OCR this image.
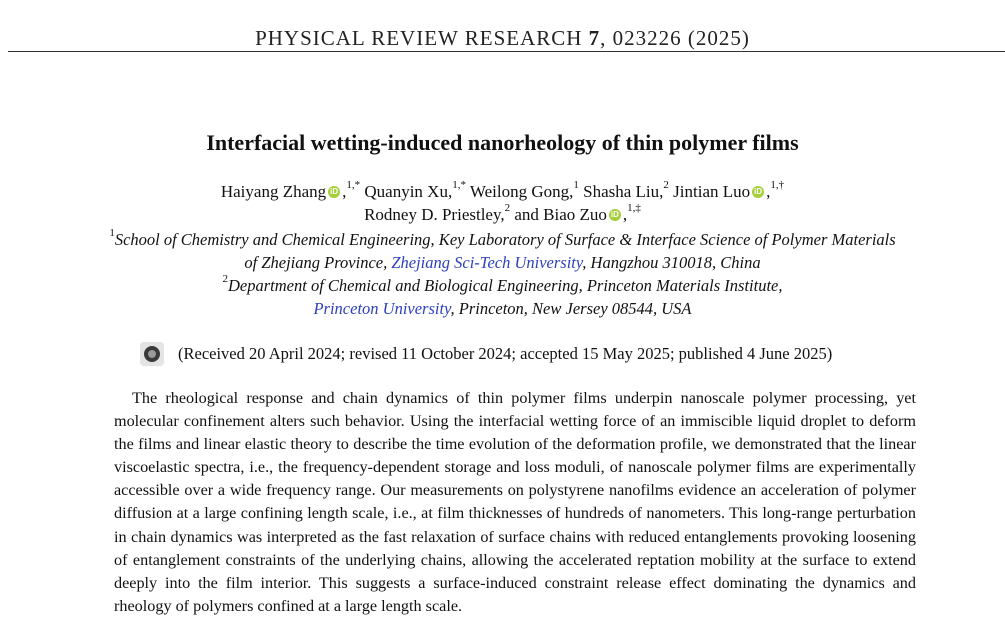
PHYSICAL REVIEW RESEARCH 7, 023226 (2025)
Interfacial wetting-induced nanorheology of thin polymer films
Haiyang Zhang iD ,$^{1,*}$ Quanyin Xu,$^{1,*}$ Weilong Gong,$^1$ Shasha Liu,$^2$ Jintian Luo iD ,$^{1,\dagger}$
Rodney D. Priestley,$^2$ and Biao Zuo iD ,$^{1,\ddagger}$
$^1$School of Chemistry and Chemical Engineering, Key Laboratory of Surface & Interface Science of Polymer Materials
of Zhejiang Province, Zhejiang Sci-Tech University, Hangzhou 310018, China
$^2$Department of Chemical and Biological Engineering, Princeton Materials Institute,
Princeton University, Princeton, New Jersey 08544, USA
(Received 20 April 2024; revised 11 October 2024; accepted 15 May 2025; published 4 June 2025)
The rheological response and chain dynamics of thin polymer films underpin nanoscale polymer processing, yet molecular confinement alters such behavior. Using the interfacial wetting force of an immiscible liquid droplet to deform the films and linear elastic theory to describe the time evolution of the deformation profile, we demonstrated that the linear viscoelastic spectra, i.e., the frequency-dependent storage and loss moduli, of nanoscale polymer films are experimentally accessible over a wide frequency range. Our measurements on polystyrene nanofilms evidence an acceleration of polymer diffusion at a large confining length scale, i.e., at film thicknesses of hundreds of nanometers. This long-range perturbation in chain dynamics was interpreted as the fast relaxation of surface chains with reduced entanglements provoking loosening of entanglement constraints of the underlying chains, allowing the accelerated reptation mobility at the surface to extend deeply into the film interior. This suggests a surface-induced constraint release effect dominating the dynamics and rheology of polymers confined at a large length scale.
